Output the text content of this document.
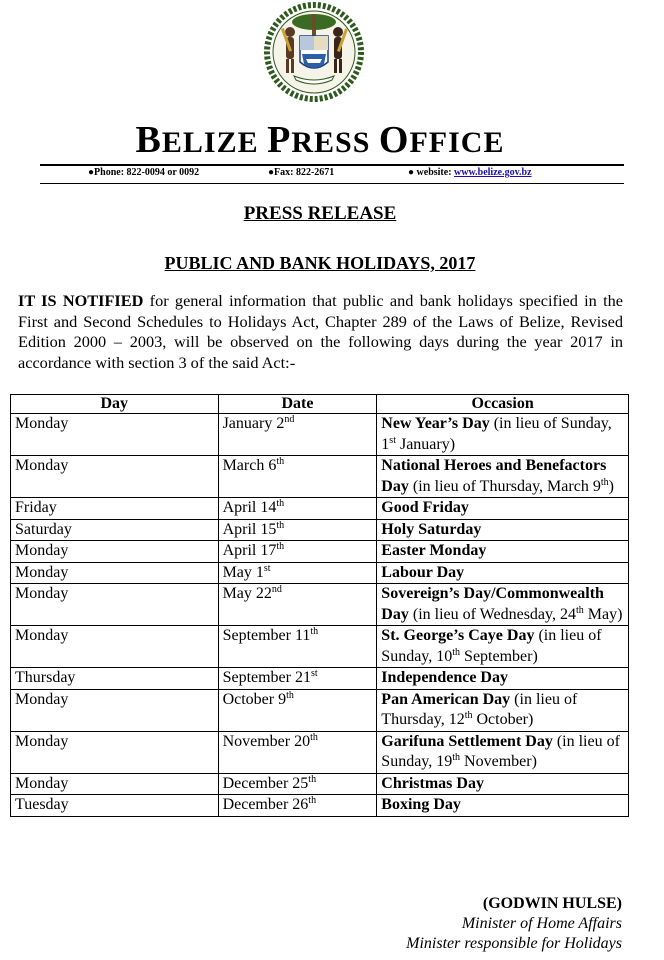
BELIZE PRESS OFFICE
●Phone: 822-0094 or 0092	●Fax: 822-2671	● website: www.belize.gov.bz
PRESS RELEASE
PUBLIC AND BANK HOLIDAYS, 2017

IT IS NOTIFIED for general information that public and bank holidays specified in the First and Second Schedules to Holidays Act, Chapter 289 of the Laws of Belize, Revised Edition 2000 – 2003, will be observed on the following days during the year 2017 in accordance with section 3 of the said Act:-

Day	Date	Occasion
Monday	January 2nd	New Year’s Day (in lieu of Sunday, 1st January)
Monday	March 6th	National Heroes and Benefactors Day (in lieu of Thursday, March 9th)
Friday	April 14th	Good Friday
Saturday	April 15th	Holy Saturday
Monday	April 17th	Easter Monday
Monday	May 1st	Labour Day
Monday	May 22nd	Sovereign’s Day/Commonwealth Day (in lieu of Wednesday, 24th May)
Monday	September 11th	St. George’s Caye Day (in lieu of Sunday, 10th September)
Thursday	September 21st	Independence Day
Monday	October 9th	Pan American Day (in lieu of Thursday, 12th October)
Monday	November 20th	Garifuna Settlement Day (in lieu of Sunday, 19th November)
Monday	December 25th	Christmas Day
Tuesday	December 26th	Boxing Day
(GODWIN HULSE)
Minister of Home Affairs
Minister responsible for Holidays
